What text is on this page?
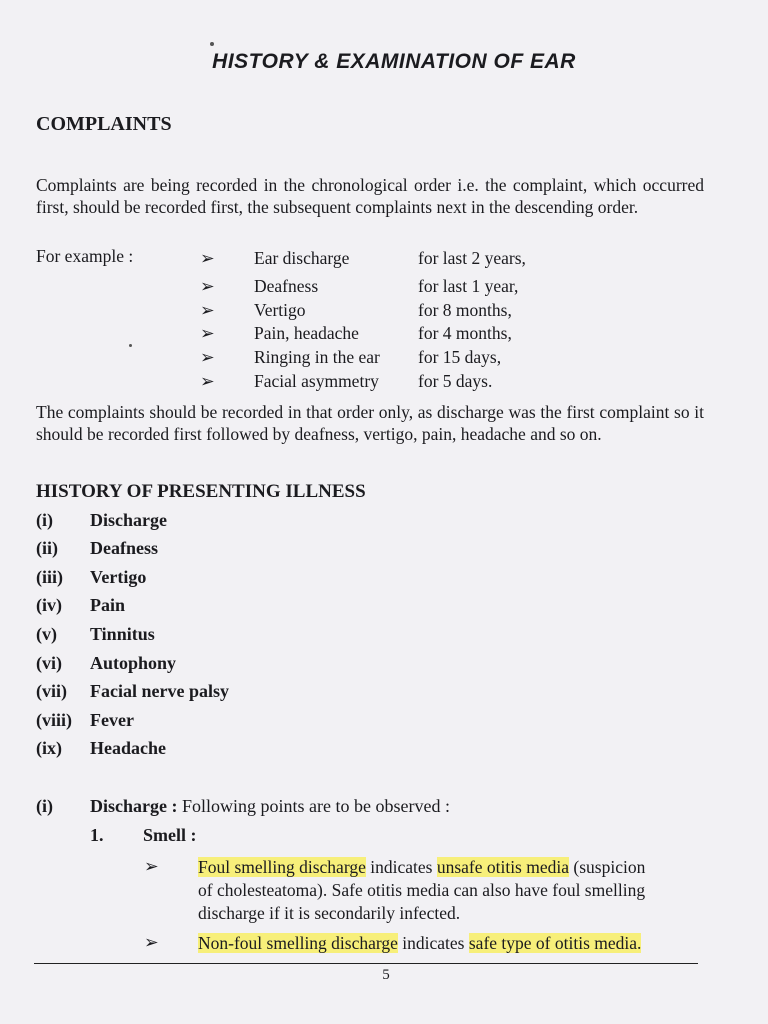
HISTORY & EXAMINATION OF EAR
COMPLAINTS
Complaints are being recorded in the chronological order i.e. the complaint, which occurred first, should be recorded first, the subsequent complaints next in the descending order.
For example :	➢ Ear discharge	for last 2 years,
➢ Deafness	for last 1 year,
➢ Vertigo	for 8 months,
➢ Pain, headache	for 4 months,
➢ Ringing in the ear for 15 days,
➢ Facial asymmetry for 5 days.
The complaints should be recorded in that order only, as discharge was the first complaint so it should be recorded first followed by deafness, vertigo, pain, headache and so on.
HISTORY OF PRESENTING ILLNESS
(i) Discharge
(ii) Deafness
(iii) Vertigo
(iv) Pain
(v) Tinnitus
(vi) Autophony
(vii) Facial nerve palsy
(viii) Fever
(ix) Headache
(i) Discharge : Following points are to be observed :
1. Smell :
➢ Foul smelling discharge indicates unsafe otitis media (suspicion
of cholesteatoma). Safe otitis media can also have foul smelling
discharge if it is secondarily infected.
➢ Non-foul smelling discharge indicates safe type of otitis media.
5
